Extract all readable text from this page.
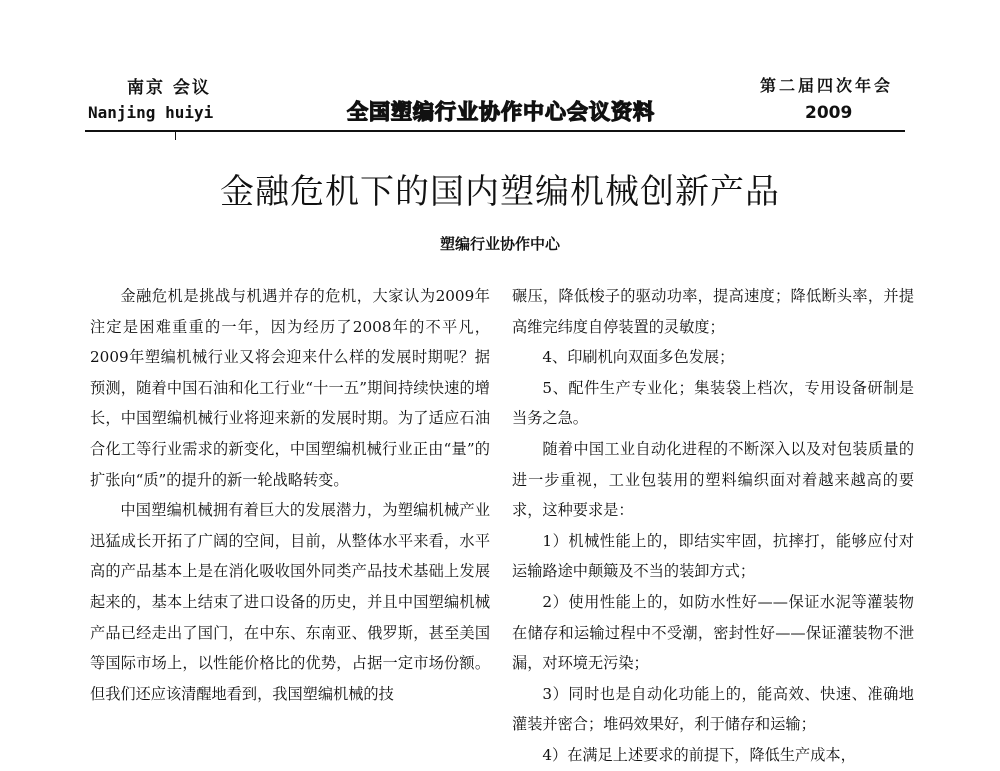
南京 会议
Nanjing huiyi	全国塑编行业协作中心会议资料
第二届四次年会
2009
金融危机下的国内塑编机械创新产品
塑编行业协作中心

金融危机是挑战与机遇并存的危机，大家认为2009年注定是困难重重的一年，因为经历了2008年的不平凡，2009年塑编机械行业又将会迎来什么样的发展时期呢？据预测，随着中国石油和化工行业“十一五”期间持续快速的增长，中国塑编机械行业将迎来新的发展时期。为了适应石油合化工等行业需求的新变化，中国塑编机械行业正由“量”的扩张向“质”的提升的新一轮战略转变。

中国塑编机械拥有着巨大的发展潜力，为塑编机械产业迅猛成长开拓了广阔的空间，目前，从整体水平来看，水平高的产品基本上是在消化吸收国外同类产品技术基础上发展起来的，基本上结束了进口设备的历史，并且中国塑编机械产品已经走出了国门，在中东、东南亚、俄罗斯，甚至美国等国际市场上，以性能价格比的优势，占据一定市场份额。但我们还应该清醒地看到，我国塑编机械的技

碾压，降低梭子的驱动功率，提高速度；降低断头率，并提高维完纬度自停装置的灵敏度；

4、印刷机向双面多色发展；

5、配件生产专业化；集装袋上档次，专用设备研制是当务之急。

随着中国工业自动化进程的不断深入以及对包装质量的进一步重视，工业包装用的塑料编织面对着越来越高的要求，这种要求是：

1）机械性能上的，即结实牢固，抗摔打，能够应付对运输路途中颠簸及不当的装卸方式；

2）使用性能上的，如防水性好——保证水泥等灌装物在储存和运输过程中不受潮，密封性好——保证灌装物不泄漏，对环境无污染；

3）同时也是自动化功能上的，能高效、快速、准确地灌装并密合；堆码效果好，利于储存和运输；

4）在满足上述要求的前提下，降低生产成本，
